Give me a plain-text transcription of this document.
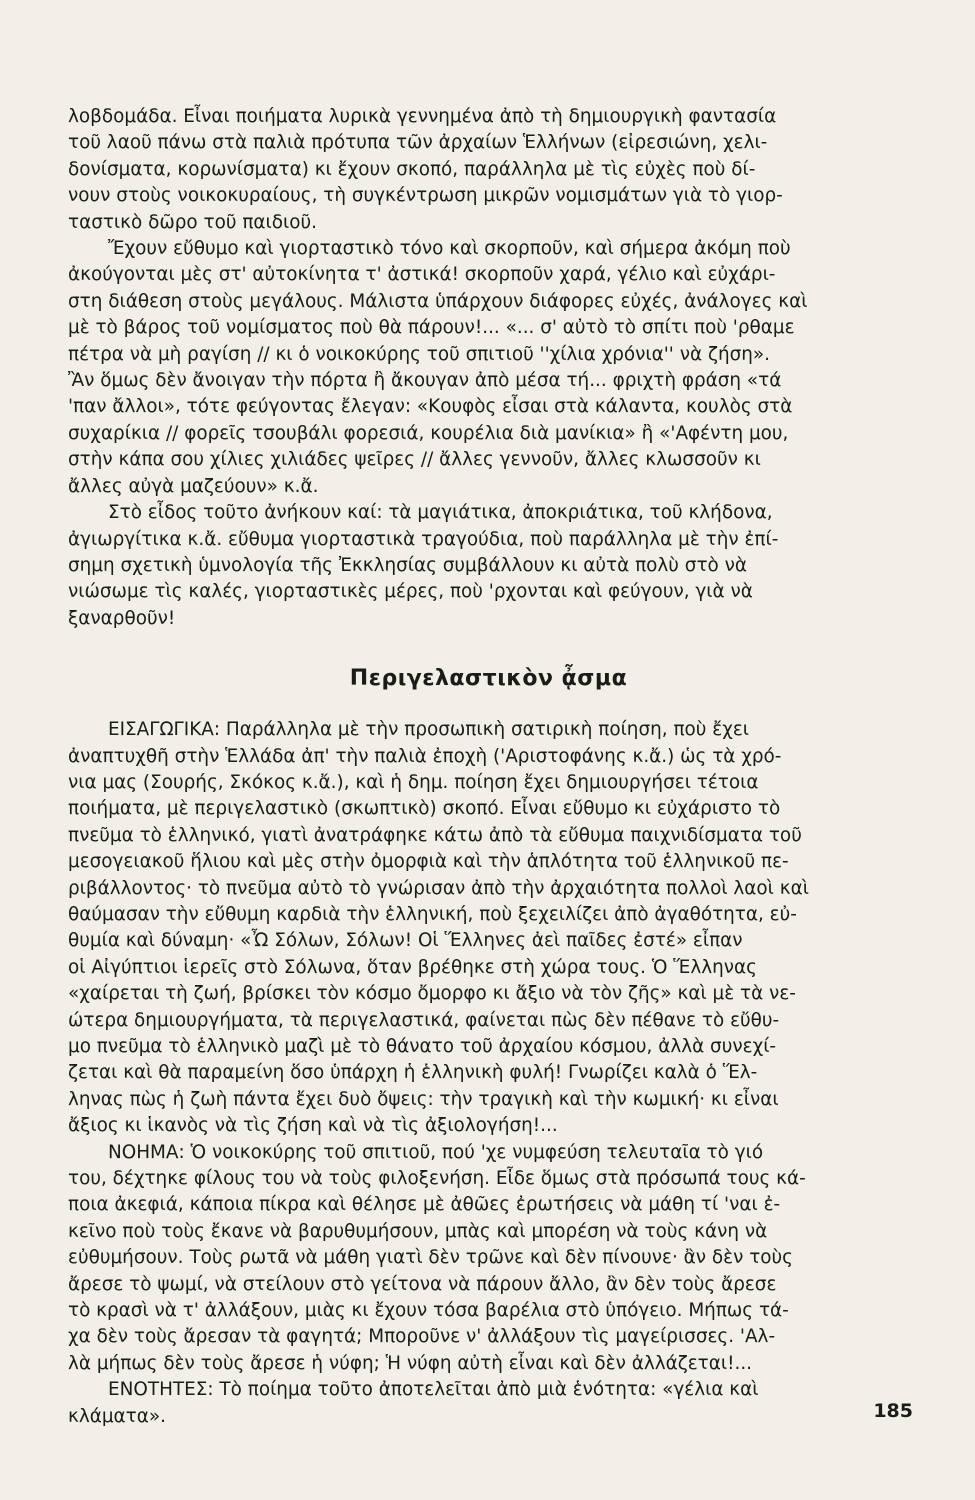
λοβδομάδα. Εἶναι ποιήματα λυρικὰ γεννημένα ἀπὸ τὴ δημιουργικὴ φαντασία
τοῦ λαοῦ πάνω στὰ παλιὰ πρότυπα τῶν ἀρχαίων Ἑλλήνων (εἰρεσιώνη, χελι-
δονίσματα, κορωνίσματα) κι ἔχουν σκοπό, παράλληλα μὲ τὶς εὐχὲς ποὺ δί-
νουν στοὺς νοικοκυραίους, τὴ συγκέντρωση μικρῶν νομισμάτων γιὰ τὸ γιορ-
ταστικὸ δῶρο τοῦ παιδιοῦ.
Ἔχουν εὔθυμο καὶ γιορταστικὸ τόνο καὶ σκορποῦν, καὶ σήμερα ἀκόμη ποὺ
ἀκούγονται μὲς στ' αὐτοκίνητα τ' ἀστικά! σκορποῦν χαρά, γέλιο καὶ εὐχάρι-
στη διάθεση στοὺς μεγάλους. Μάλιστα ὑπάρχουν διάφορες εὐχές, ἀνάλογες καὶ
μὲ τὸ βάρος τοῦ νομίσματος ποὺ θὰ πάρουν!... «... σ' αὐτὸ τὸ σπίτι ποὺ 'ρθαμε
πέτρα νὰ μὴ ραγίση // κι ὁ νοικοκύρης τοῦ σπιτιοῦ ''χίλια χρόνια'' νὰ ζήση».
Ἂν ὅμως δὲν ἄνοιγαν τὴν πόρτα ἢ ἄκουγαν ἀπὸ μέσα τή... φριχτὴ φράση «τά
'παν ἄλλοι», τότε φεύγοντας ἔλεγαν: «Κουφὸς εἶσαι στὰ κάλαντα, κουλὸς στὰ
συχαρίκια // φορεῖς τσουβάλι φορεσιά, κουρέλια διὰ μανίκια» ἢ «'Αφέντη μου,
στὴν κάπα σου χίλιες χιλιάδες ψεῖρες // ἄλλες γεννοῦν, ἄλλες κλωσσοῦν κι
ἄλλες αὐγὰ μαζεύουν» κ.ἄ.
Στὸ εἶδος τοῦτο ἀνήκουν καί: τὰ μαγιάτικα, ἀποκριάτικα, τοῦ κλήδονα,
ἀγιωργίτικα κ.ἄ. εὔθυμα γιορταστικὰ τραγούδια, ποὺ παράλληλα μὲ τὴν ἐπί-
σημη σχετικὴ ὑμνολογία τῆς Ἐκκλησίας συμβάλλουν κι αὐτὰ πολὺ στὸ νὰ
νιώσωμε τὶς καλές, γιορταστικὲς μέρες, ποὺ 'ρχονται καὶ φεύγουν, γιὰ νὰ
ξαναρθοῦν!
Περιγελαστικὸν ᾆσμα
ΕΙΣΑΓΩΓΙΚΑ: Παράλληλα μὲ τὴν προσωπικὴ σατιρικὴ ποίηση, ποὺ ἔχει
ἀναπτυχθῆ στὴν Ἑλλάδα ἀπ' τὴν παλιὰ ἐποχὴ ('Αριστοφάνης κ.ἄ.) ὡς τὰ χρό-
νια μας (Σουρής, Σκόκος κ.ἄ.), καὶ ἡ δημ. ποίηση ἔχει δημιουργήσει τέτοια
ποιήματα, μὲ περιγελαστικὸ (σκωπτικὸ) σκοπό. Εἶναι εὔθυμο κι εὐχάριστο τὸ
πνεῦμα τὸ ἑλληνικό, γιατὶ ἀνατράφηκε κάτω ἀπὸ τὰ εὔθυμα παιχνιδίσματα τοῦ
μεσογειακοῦ ἥλιου καὶ μὲς στὴν ὀμορφιὰ καὶ τὴν ἁπλότητα τοῦ ἑλληνικοῦ πε-
ριβάλλοντος· τὸ πνεῦμα αὐτὸ τὸ γνώρισαν ἀπὸ τὴν ἀρχαιότητα πολλοὶ λαοὶ καὶ
θαύμασαν τὴν εὔθυμη καρδιὰ τὴν ἑλληνική, ποὺ ξεχειλίζει ἀπὸ ἀγαθότητα, εὐ-
θυμία καὶ δύναμη· «Ὦ Σόλων, Σόλων! Οἱ Ἕλληνες ἀεὶ παῖδες ἐστέ» εἶπαν
οἱ Αἰγύπτιοι ἱερεῖς στὸ Σόλωνα, ὅταν βρέθηκε στὴ χώρα τους. Ὁ Ἕλληνας
«χαίρεται τὴ ζωή, βρίσκει τὸν κόσμο ὄμορφο κι ἄξιο νὰ τὸν ζῆς» καὶ μὲ τὰ νε-
ώτερα δημιουργήματα, τὰ περιγελαστικά, φαίνεται πὼς δὲν πέθανε τὸ εὔθυ-
μο πνεῦμα τὸ ἑλληνικὸ μαζὶ μὲ τὸ θάνατο τοῦ ἀρχαίου κόσμου, ἀλλὰ συνεχί-
ζεται καὶ θὰ παραμείνη ὅσο ὑπάρχη ἡ ἑλληνικὴ φυλή! Γνωρίζει καλὰ ὁ Ἕλ-
ληνας πὼς ἡ ζωὴ πάντα ἔχει δυὸ ὄψεις: τὴν τραγικὴ καὶ τὴν κωμική· κι εἶναι
ἄξιος κι ἱκανὸς νὰ τὶς ζήση καὶ νὰ τὶς ἀξιολογήση!...
ΝΟΗΜΑ: Ὁ νοικοκύρης τοῦ σπιτιοῦ, πού 'χε νυμφεύση τελευταῖα τὸ γιό
του, δέχτηκε φίλους του νὰ τοὺς φιλοξενήση. Εἶδε ὅμως στὰ πρόσωπά τους κά-
ποια ἀκεφιά, κάποια πίκρα καὶ θέλησε μὲ ἀθῶες ἐρωτήσεις νὰ μάθη τί 'ναι ἐ-
κεῖνο ποὺ τοὺς ἔκανε νὰ βαρυθυμήσουν, μπὰς καὶ μπορέση νὰ τοὺς κάνη νὰ
εὐθυμήσουν. Τοὺς ρωτᾶ νὰ μάθη γιατὶ δὲν τρῶνε καὶ δὲν πίνουνε· ἂν δὲν τοὺς
ἄρεσε τὸ ψωμί, νὰ στείλουν στὸ γείτονα νὰ πάρουν ἄλλο, ἂν δὲν τοὺς ἄρεσε
τὸ κρασὶ νὰ τ' ἀλλάξουν, μιὰς κι ἔχουν τόσα βαρέλια στὸ ὑπόγειο. Μήπως τά-
χα δὲν τοὺς ἄρεσαν τὰ φαγητά; Μποροῦνε ν' ἀλλάξουν τὶς μαγείρισσες. 'Αλ-
λὰ μήπως δὲν τοὺς ἄρεσε ἡ νύφη; Ἡ νύφη αὐτὴ εἶναι καὶ δὲν ἀλλάζεται!...
ΕΝΟΤΗΤΕΣ: Τὸ ποίημα τοῦτο ἀποτελεῖται ἀπὸ μιὰ ἑνότητα: «γέλια καὶ
κλάματα».	185
